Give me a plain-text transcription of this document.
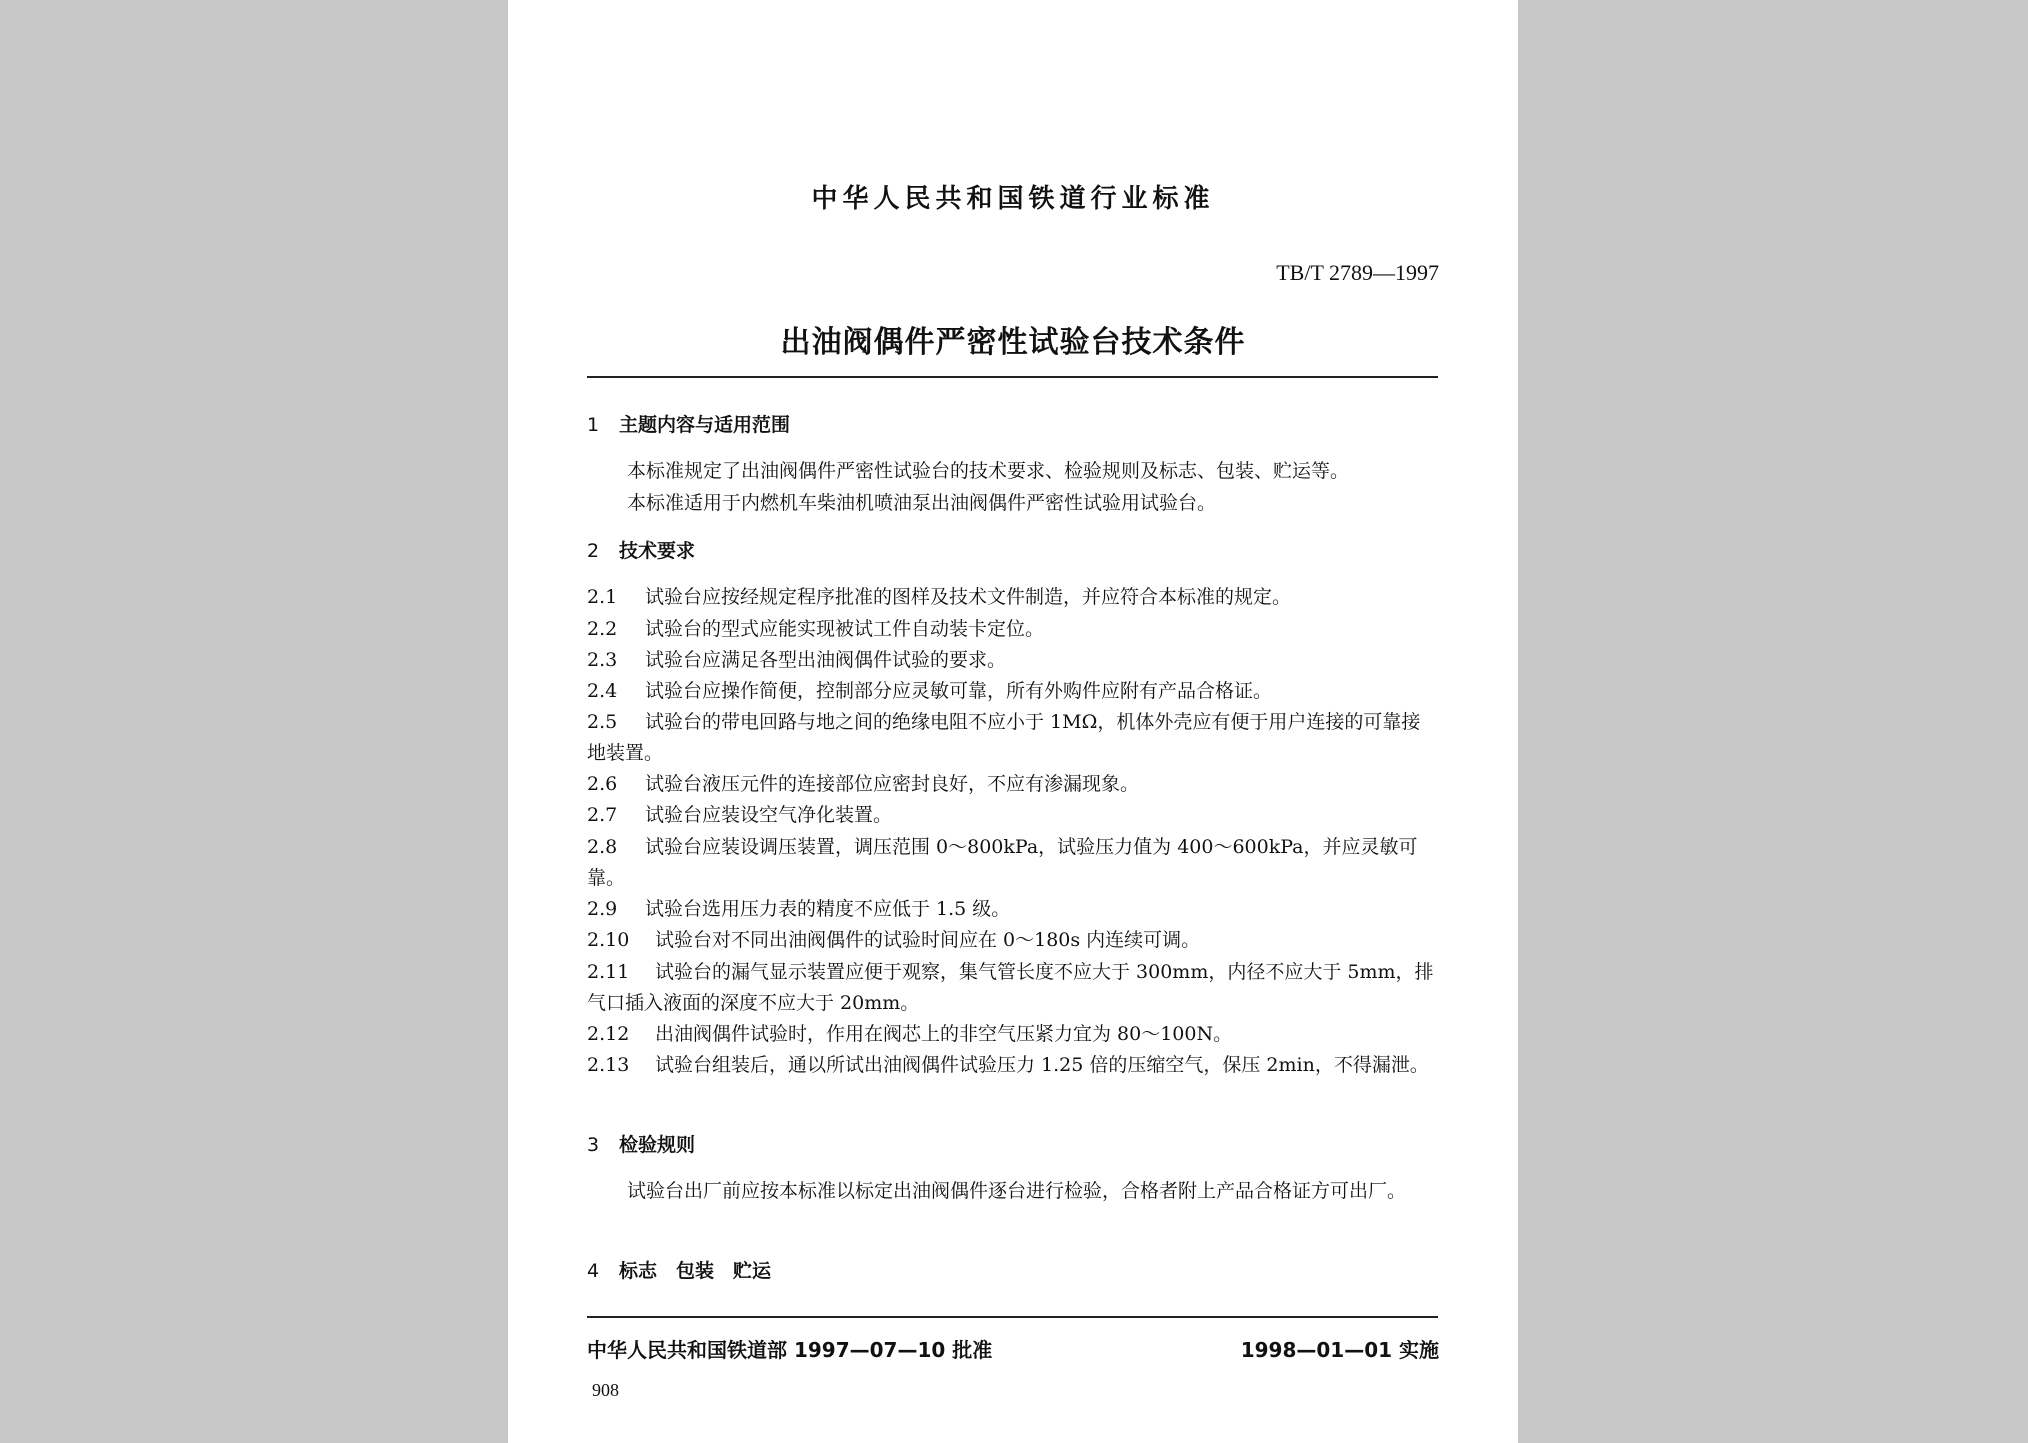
中华人民共和国铁道行业标准
TB/T 2789—1997
出油阀偶件严密性试验台技术条件
1 主题内容与适用范围
本标准规定了出油阀偶件严密性试验台的技术要求、检验规则及标志、包装、贮运等。
本标准适用于内燃机车柴油机喷油泵出油阀偶件严密性试验用试验台。
2 技术要求
2.1 试验台应按经规定程序批准的图样及技术文件制造，并应符合本标准的规定。
2.2 试验台的型式应能实现被试工件自动装卡定位。
2.3 试验台应满足各型出油阀偶件试验的要求。
2.4 试验台应操作简便，控制部分应灵敏可靠，所有外购件应附有产品合格证。
2.5 试验台的带电回路与地之间的绝缘电阻不应小于 1MΩ，机体外壳应有便于用户连接的可靠接地装置。
2.6 试验台液压元件的连接部位应密封良好，不应有渗漏现象。
2.7 试验台应装设空气净化装置。
2.8 试验台应装设调压装置，调压范围 0～800kPa，试验压力值为 400～600kPa，并应灵敏可靠。
2.9 试验台选用压力表的精度不应低于 1.5 级。
2.10 试验台对不同出油阀偶件的试验时间应在 0～180s 内连续可调。
2.11 试验台的漏气显示装置应便于观察，集气管长度不应大于 300mm，内径不应大于 5mm，排气口插入液面的深度不应大于 20mm。
2.12 出油阀偶件试验时，作用在阀芯上的非空气压紧力宜为 80～100N。
2.13 试验台组装后，通以所试出油阀偶件试验压力 1.25 倍的压缩空气，保压 2min，不得漏泄。
3 检验规则
试验台出厂前应按本标准以标定出油阀偶件逐台进行检验，合格者附上产品合格证方可出厂。
4 标志　包装　贮运
中华人民共和国铁道部 1997—07—10 批准	1998—01—01 实施
908
